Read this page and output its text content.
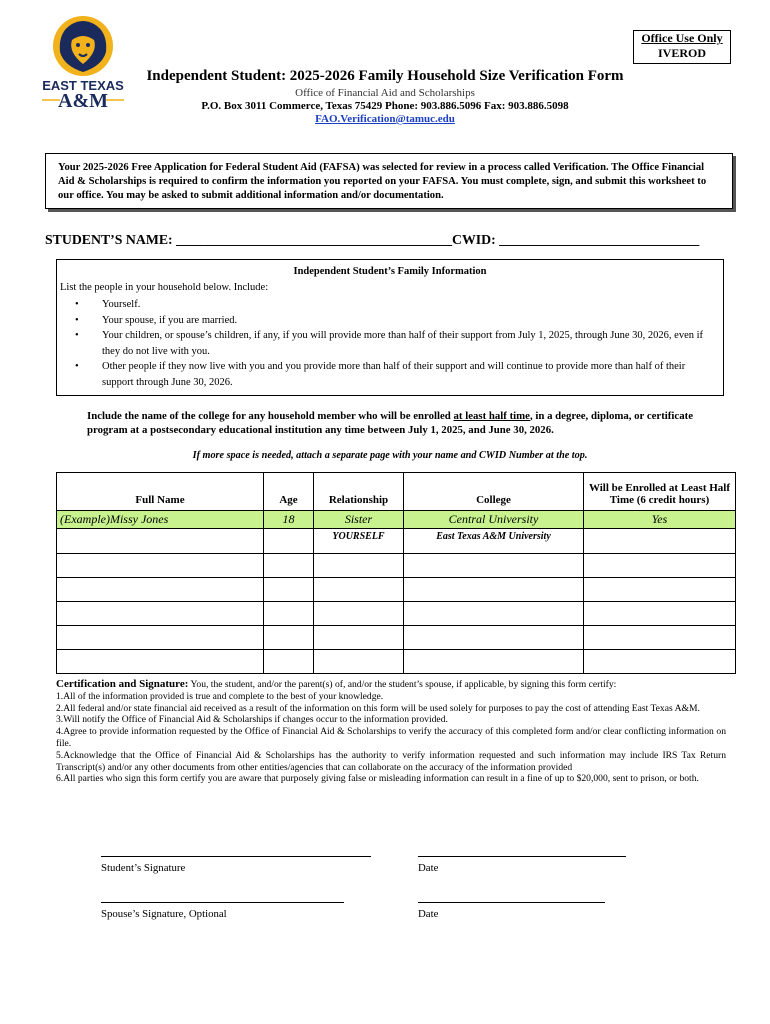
EAST TEXAS
A&M
Office Use Only
IVEROD
Independent Student: 2025-2026 Family Household Size Verification Form
Office of Financial Aid and Scholarships
P.O. Box 3011 Commerce, Texas 75429 Phone: 903.886.5096 Fax: 903.886.5098
FAO.Verification@tamuc.edu
Your 2025-2026 Free Application for Federal Student Aid (FAFSA) was selected for review in a process called Verification. The Office Financial Aid & Scholarships is required to confirm the information you reported on your FAFSA. You must complete, sign, and submit this worksheet to our office. You may be asked to submit additional information and/or documentation.
STUDENT’S NAME: ________________________________________CWID: _____________________________
Independent Student’s Family Information
List the people in your household below. Include:
• Yourself.
• Your spouse, if you are married.
• Your children, or spouse’s children, if any, if you will provide more than half of their support from July 1, 2025, through June 30, 2026, even if they do not live with you.
• Other people if they now live with you and you provide more than half of their support and will continue to provide more than half of their support through June 30, 2026.
Include the name of the college for any household member who will be enrolled at least half time, in a degree, diploma, or certificate program at a postsecondary educational institution any time between July 1, 2025, and June 30, 2026.
If more space is needed, attach a separate page with your name and CWID Number at the top.
Full Name	Age	Relationship	College	Will be Enrolled at Least Half Time (6 credit hours)
(Example)Missy Jones	18	Sister	Central University	Yes
		YOURSELF	East Texas A&M University	

Certification and Signature: You, the student, and/or the parent(s) of, and/or the student’s spouse, if applicable, by signing this form certify:

1.All of the information provided is true and complete to the best of your knowledge.

2.All federal and/or state financial aid received as a result of the information on this form will be used solely for purposes to pay the cost of attending East Texas A&M.

3.Will notify the Office of Financial Aid & Scholarships if changes occur to the information provided.

4.Agree to provide information requested by the Office of Financial Aid & Scholarships to verify the accuracy of this completed form and/or clear conflicting information on file.

5.Acknowledge that the Office of Financial Aid & Scholarships has the authority to verify information requested and such information may include IRS Tax Return Transcript(s) and/or any other documents from other entities/agencies that can collaborate on the accuracy of the information provided

6.All parties who sign this form certify you are aware that purposely giving false or misleading information can result in a fine of up to $20,000, sent to prison, or both.

Student’s Signature	Date
Spouse’s Signature, Optional	Date
